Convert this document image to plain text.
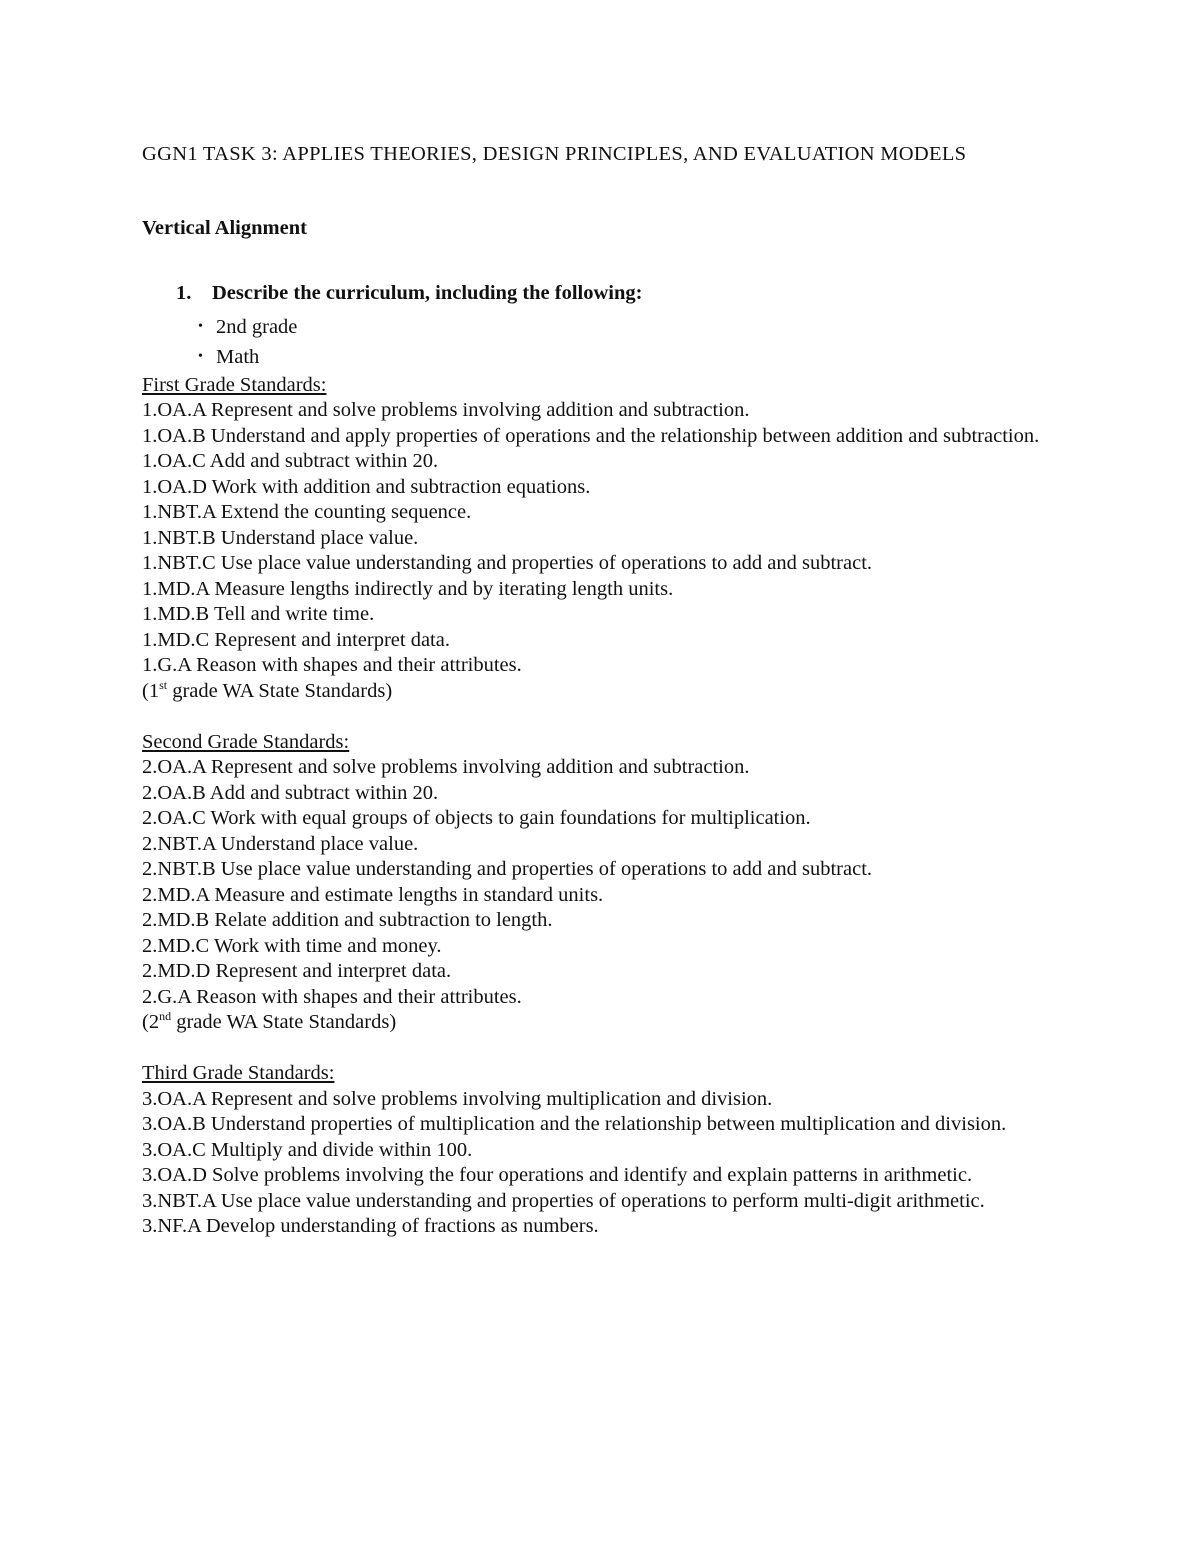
GGN1 TASK 3: APPLIES THEORIES, DESIGN PRINCIPLES, AND EVALUATION MODELS
Vertical Alignment
1.	Describe the curriculum, including the following:
• 2nd grade
• Math
First Grade Standards:
1.OA.A Represent and solve problems involving addition and subtraction.
1.OA.B Understand and apply properties of operations and the relationship between addition and subtraction.
1.OA.C Add and subtract within 20.
1.OA.D Work with addition and subtraction equations.
1.NBT.A Extend the counting sequence.
1.NBT.B Understand place value.
1.NBT.C Use place value understanding and properties of operations to add and subtract.
1.MD.A Measure lengths indirectly and by iterating length units.
1.MD.B Tell and write time.
1.MD.C Represent and interpret data.
1.G.A Reason with shapes and their attributes.
(1st grade WA State Standards)
Second Grade Standards:
2.OA.A Represent and solve problems involving addition and subtraction.
2.OA.B Add and subtract within 20.
2.OA.C Work with equal groups of objects to gain foundations for multiplication.
2.NBT.A Understand place value.
2.NBT.B Use place value understanding and properties of operations to add and subtract.
2.MD.A Measure and estimate lengths in standard units.
2.MD.B Relate addition and subtraction to length.
2.MD.C Work with time and money.
2.MD.D Represent and interpret data.
2.G.A Reason with shapes and their attributes.
(2nd grade WA State Standards)
Third Grade Standards:
3.OA.A Represent and solve problems involving multiplication and division.
3.OA.B Understand properties of multiplication and the relationship between multiplication and division.
3.OA.C Multiply and divide within 100.
3.OA.D Solve problems involving the four operations and identify and explain patterns in arithmetic.
3.NBT.A Use place value understanding and properties of operations to perform multi-digit arithmetic.
3.NF.A Develop understanding of fractions as numbers.
